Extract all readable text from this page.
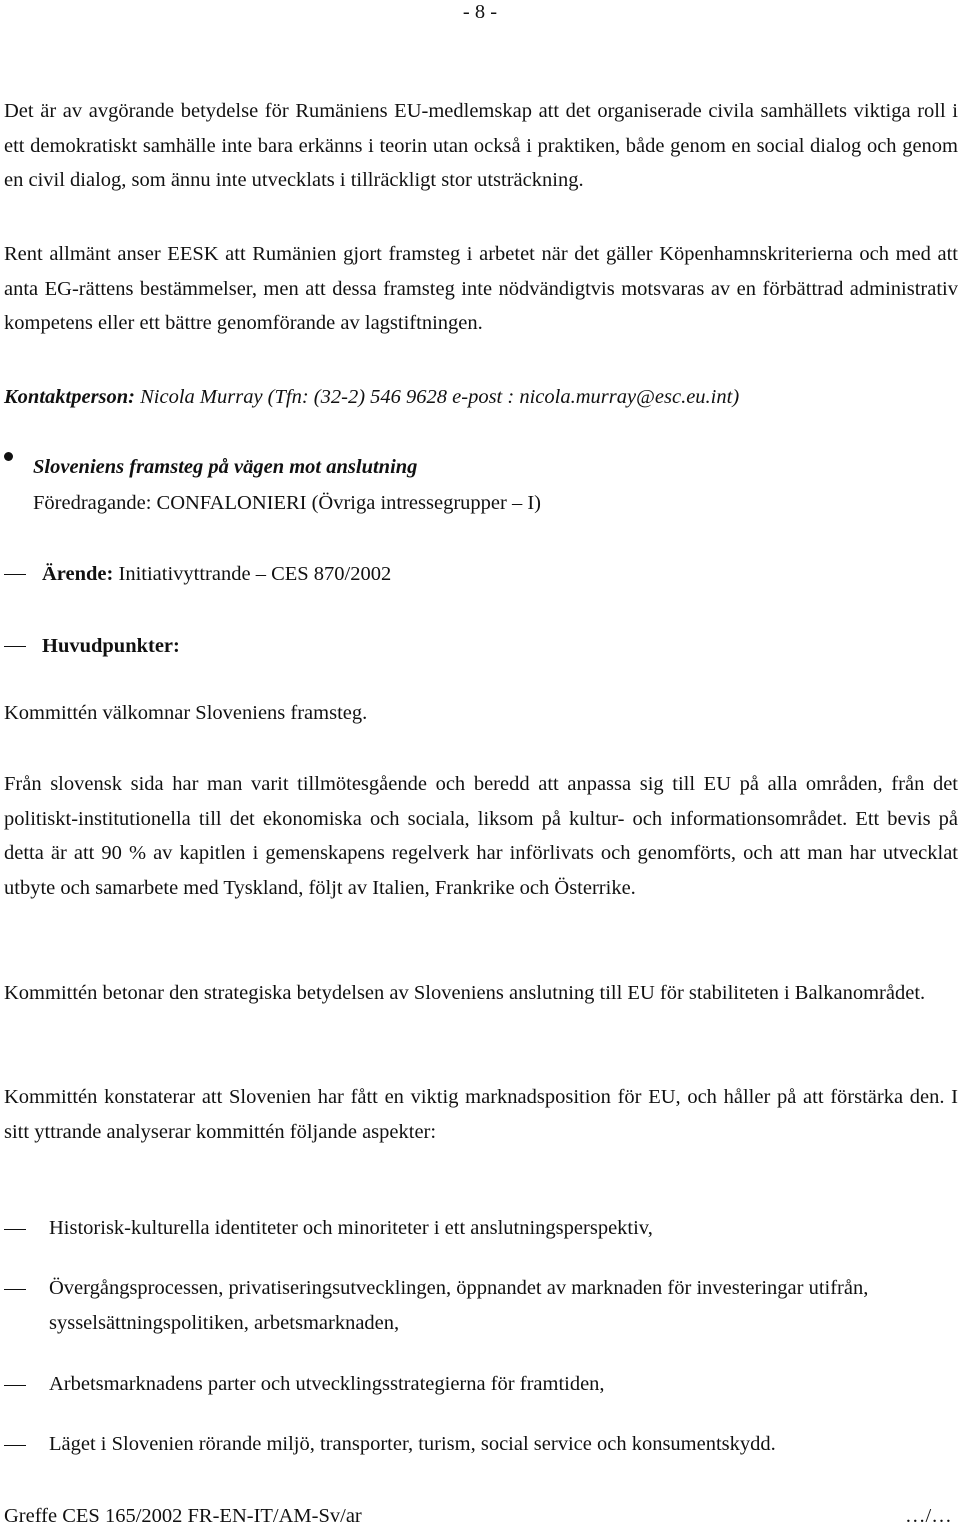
- 8 -

Det är av avgörande betydelse för Rumäniens EU-medlemskap att det organiserade civila samhällets viktiga roll i ett demokratiskt samhälle inte bara erkänns i teorin utan också i praktiken, både genom en social dialog och genom en civil dialog, som ännu inte utvecklats i tillräckligt stor utsträckning.

Rent allmänt anser EESK att Rumänien gjort framsteg i arbetet när det gäller Köpenhamnskriterierna och med att anta EG-rättens bestämmelser, men att dessa framsteg inte nödvändigtvis motsvaras av en förbättrad administrativ kompetens eller ett bättre genomförande av lagstiftningen.

Kontaktperson: Nicola Murray (Tfn: (32-2) 546 9628 e-post : nicola.murray@esc.eu.int)
Sloveniens framsteg på vägen mot anslutning
Föredragande: CONFALONIERI (Övriga intressegrupper – I)
Ärende: Initiativyttrande – CES 870/2002
Huvudpunkter:

Kommittén välkomnar Sloveniens framsteg.

Från slovensk sida har man varit tillmötesgående och beredd att anpassa sig till EU på alla områden, från det politiskt-institutionella till det ekonomiska och sociala, liksom på kultur- och informationsområdet. Ett bevis på detta är att 90 % av kapitlen i gemenskapens regelverk har införlivats och genomförts, och att man har utvecklat utbyte och samarbete med Tyskland, följt av Italien, Frankrike och Österrike.

Kommittén betonar den strategiska betydelsen av Sloveniens anslutning till EU för stabiliteten i Balkanområdet.

Kommittén konstaterar att Slovenien har fått en viktig marknadsposition för EU, och håller på att förstärka den. I sitt yttrande analyserar kommittén följande aspekter:

Historisk-kulturella identiteter och minoriteter i ett anslutningsperspektiv,
Övergångsprocessen, privatiseringsutvecklingen, öppnandet av marknaden för investeringar utifrån, sysselsättningspolitiken, arbetsmarknaden,
Arbetsmarknadens parter och utvecklingsstrategierna för framtiden,
Läget i Slovenien rörande miljö, transporter, turism, social service och konsumentskydd.
Greffe CES 165/2002 FR-EN-IT/AM-Sv/ar	…/…
